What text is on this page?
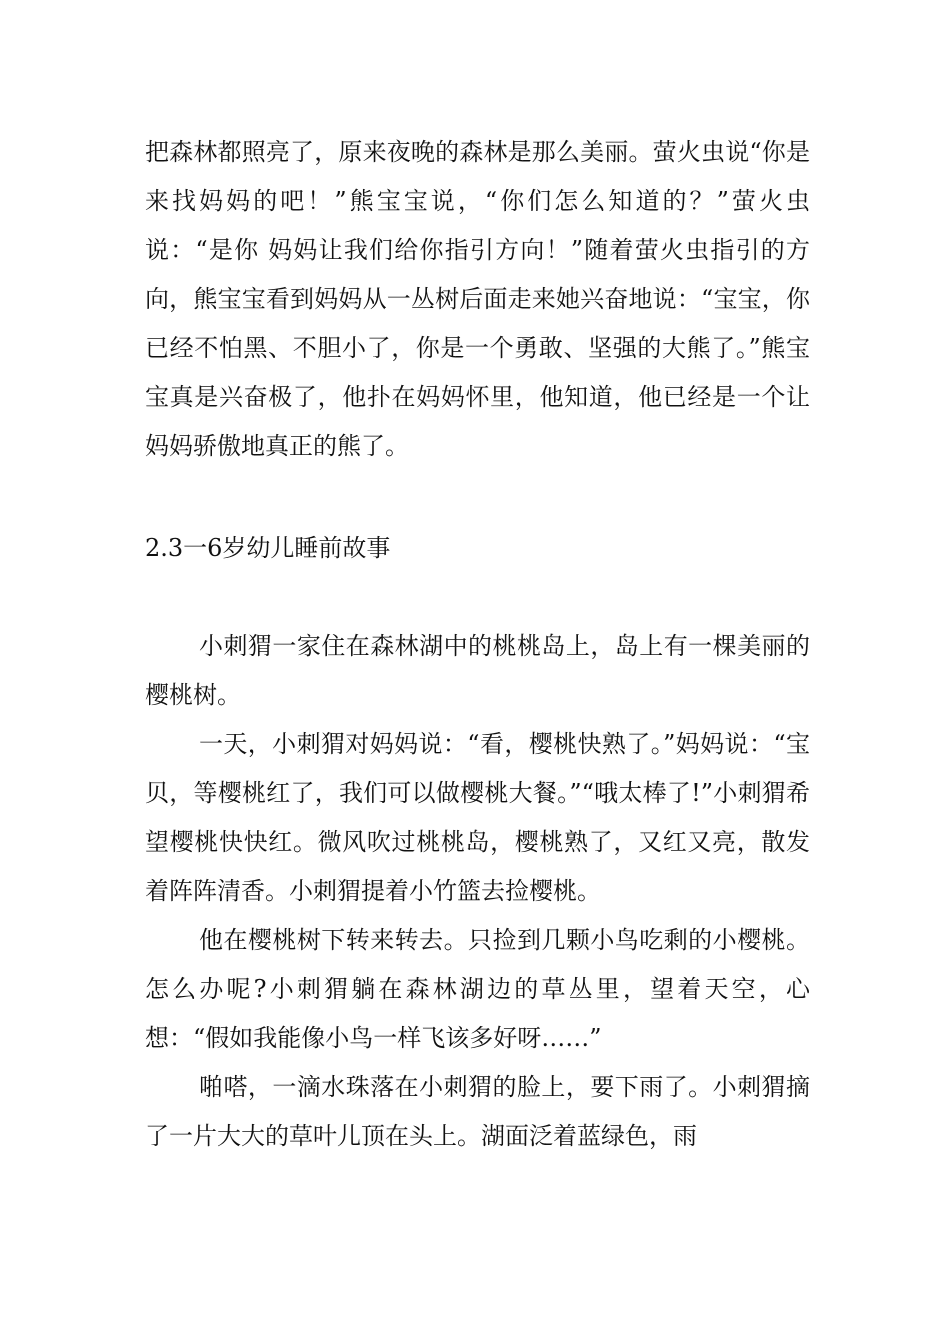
把森林都照亮了，原来夜晚的森林是那么美丽。萤火虫说“你是来找妈妈的吧！”熊宝宝说，“你们怎么知道的？”萤火虫说：“是你 妈妈让我们给你指引方向！”随着萤火虫指引的方向，熊宝宝看到妈妈从一丛树后面走来她兴奋地说：“宝宝，你已经不怕黑、不胆小了，你是一个勇敢、坚强的大熊了。”熊宝宝真是兴奋极了，他扑在妈妈怀里，他知道，他已经是一个让妈妈骄傲地真正的熊了。

2.3一6岁幼儿睡前故事

小刺猬一家住在森林湖中的桃桃岛上，岛上有一棵美丽的樱桃树。

一天，小刺猬对妈妈说：“看，樱桃快熟了。”妈妈说：“宝贝，等樱桃红了，我们可以做樱桃大餐。”“哦太棒了!”小刺猬希望樱桃快快红。微风吹过桃桃岛，樱桃熟了，又红又亮，散发着阵阵清香。小刺猬提着小竹篮去捡樱桃。

他在樱桃树下转来转去。只捡到几颗小鸟吃剩的小樱桃。怎么办呢?小刺猬躺在森林湖边的草丛里，望着天空，心想：“假如我能像小鸟一样飞该多好呀……”

啪嗒，一滴水珠落在小刺猬的脸上，要下雨了。小刺猬摘了一片大大的草叶儿顶在头上。湖面泛着蓝绿色，雨
